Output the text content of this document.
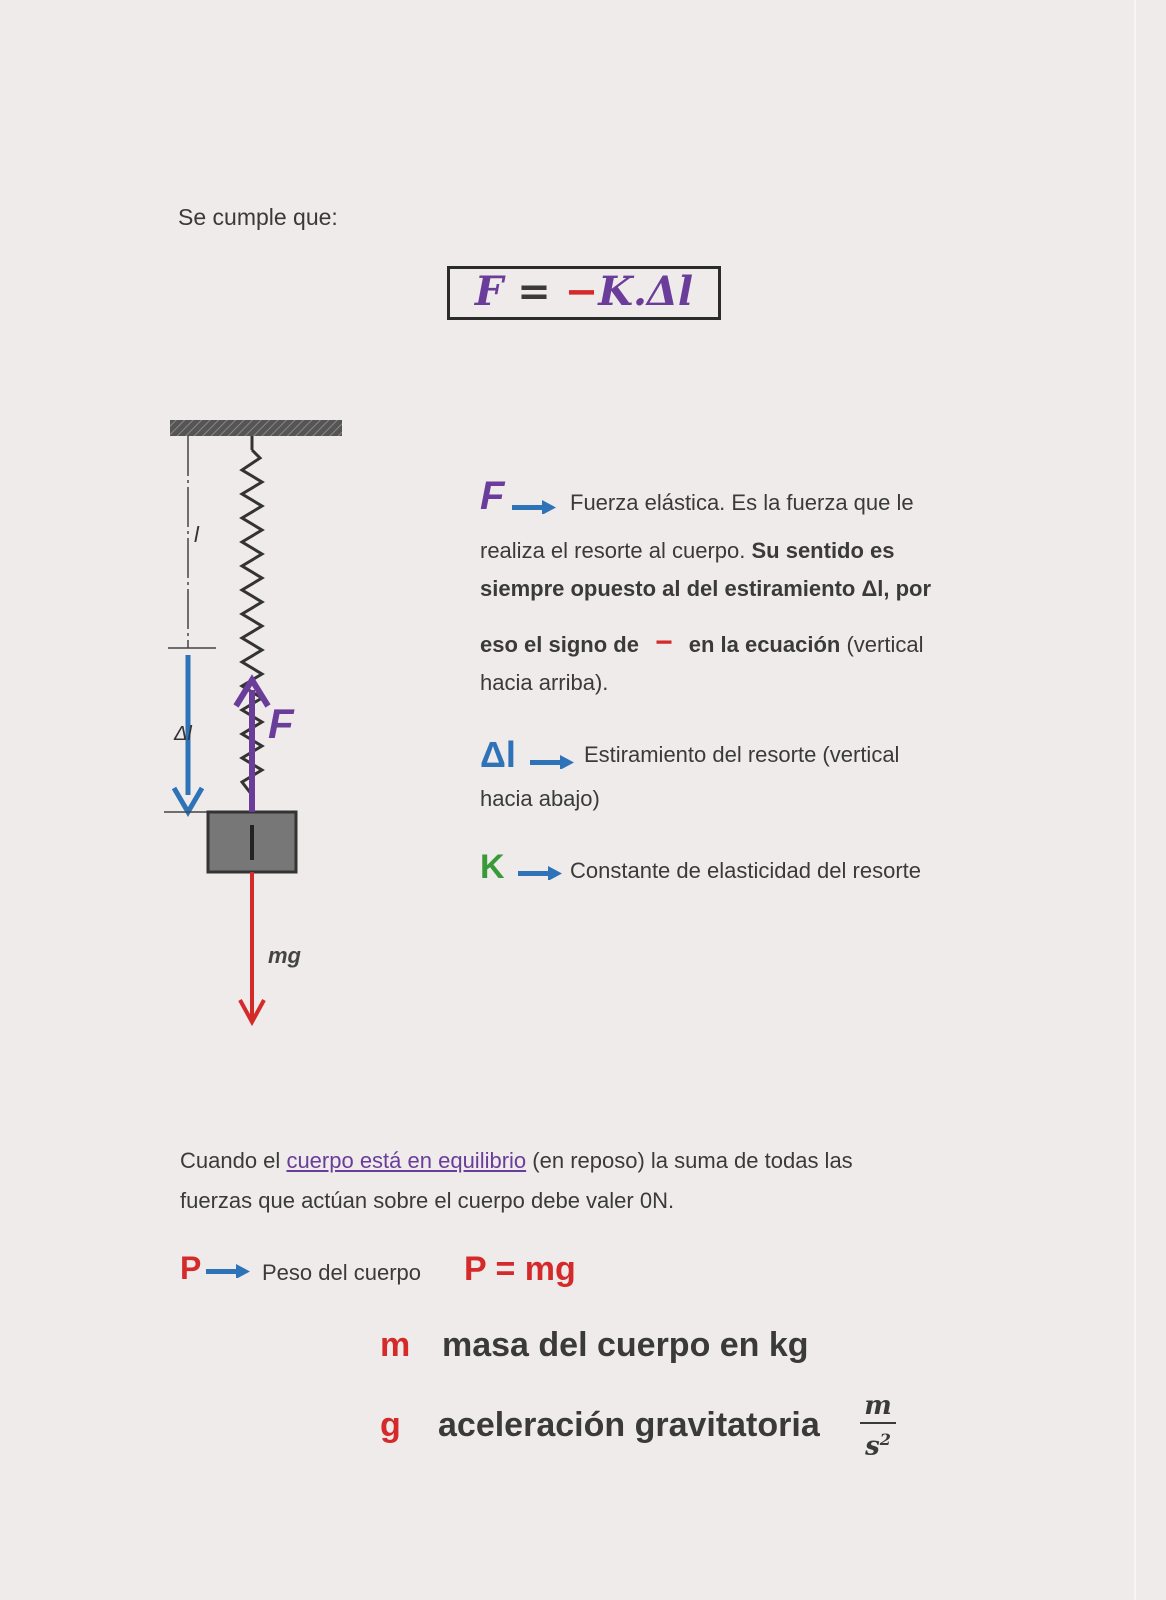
Se cumple que:
F = −K.Δl
l
Δl F
mg
F	Fuerza elástica. Es la fuerza que le
realiza el resorte al cuerpo. Su sentido es
siempre opuesto al del estiramiento Δl, por
eso el signo de − en la ecuación (vertical
hacia arriba).
Δl	Estiramiento del resorte (vertical
hacia abajo)
K	Constante de elasticidad del resorte
Cuando el cuerpo está en equilibrio (en reposo) la suma de todas las
fuerzas que actúan sobre el cuerpo debe valer 0N.
P	Peso del cuerpo P = mg
m masa del cuerpo en kg
g aceleración gravitatoria m
$s^2$
